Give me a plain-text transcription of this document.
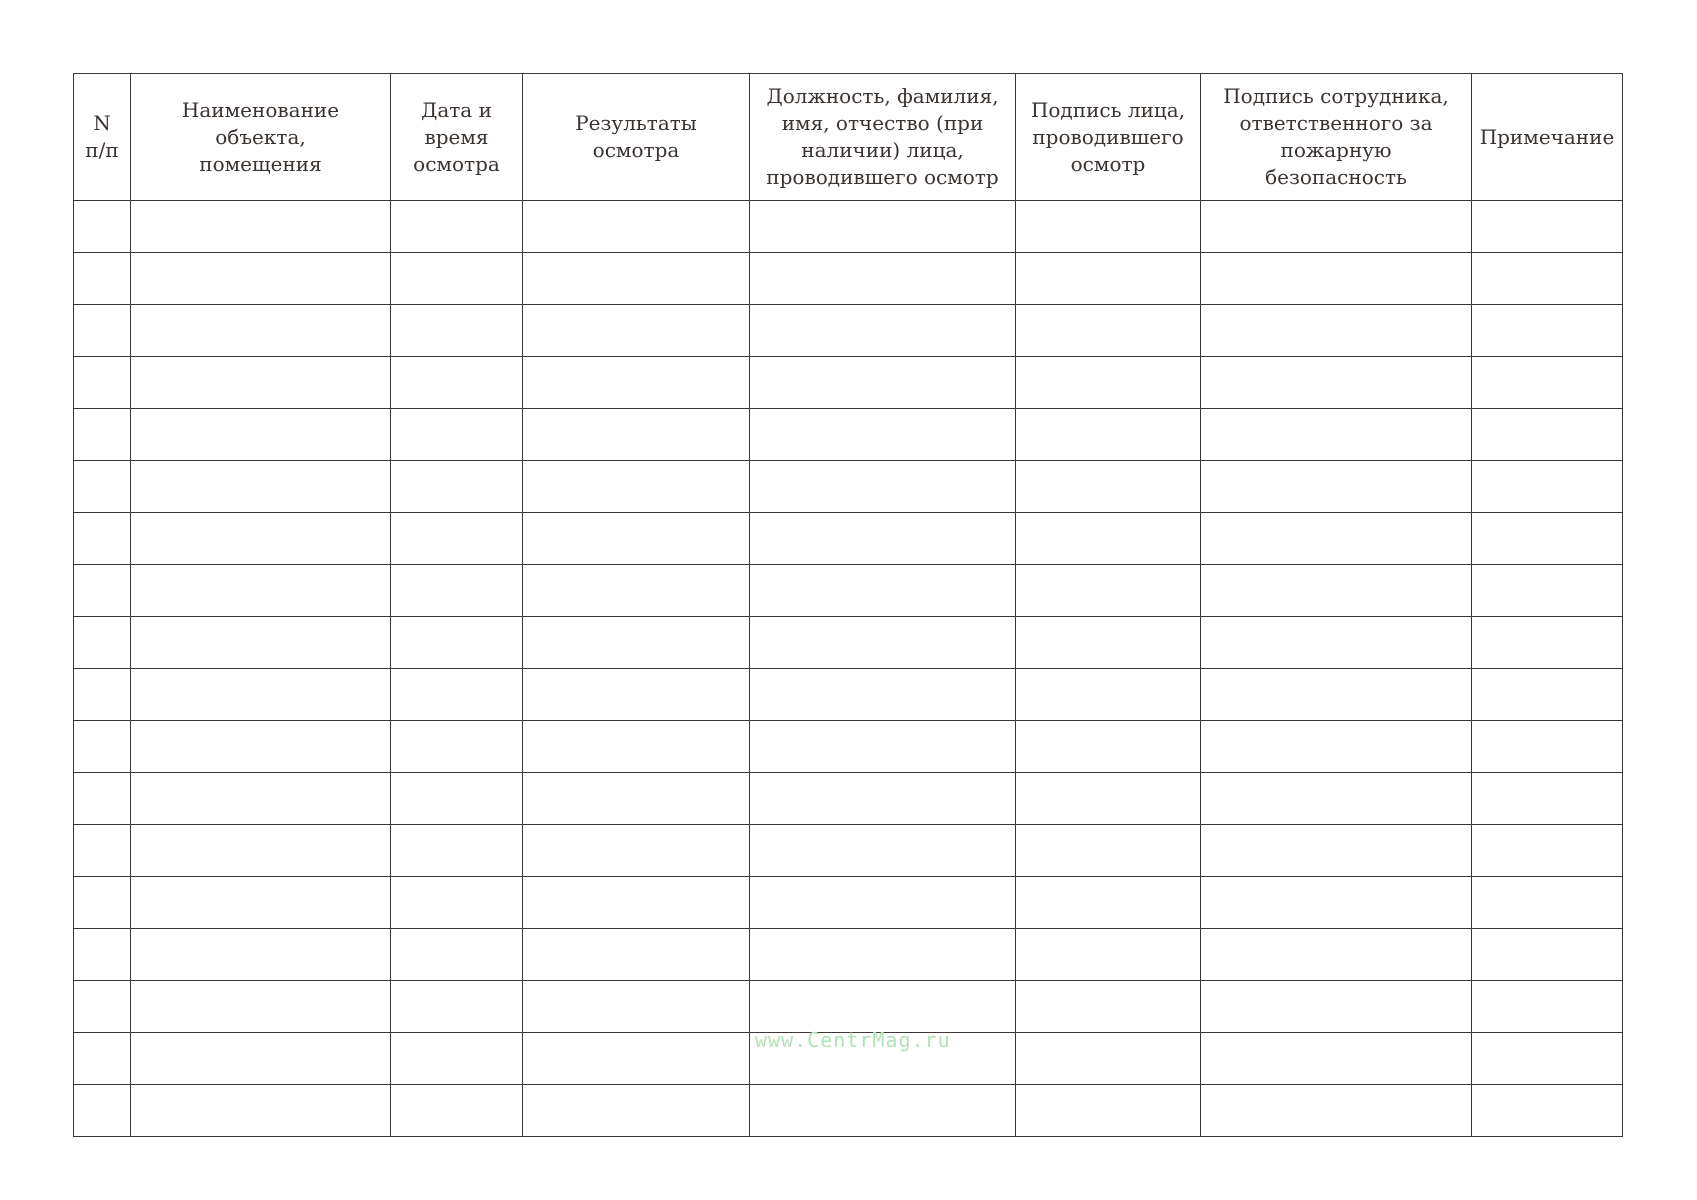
N
п/п	Наименование объекта,
помещения	Дата и
время
осмотра	Результаты осмотра	Должность, фамилия,
имя, отчество (при
наличии) лица,
проводившего осмотр	Подпись лица,
проводившего
осмотр	Подпись сотрудника,
ответственного за
пожарную безопасность	Примечание

www.CentrMag.ru
